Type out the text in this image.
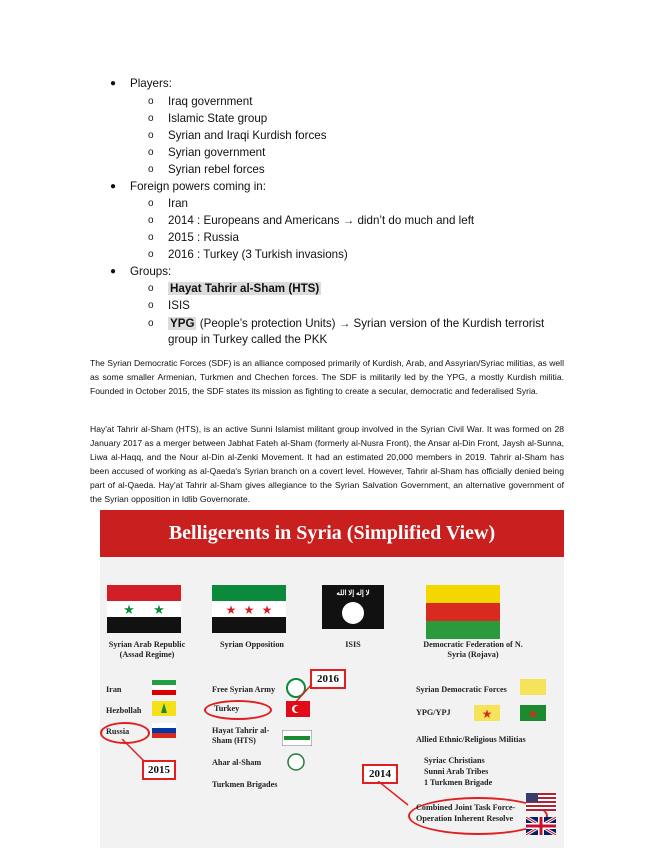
● Players:
o Iraq government
o Islamic State group
o Syrian and Iraqi Kurdish forces
o Syrian government
o Syrian rebel forces
● Foreign powers coming in:
o Iran
o 2014 : Europeans and Americans → didn’t do much and left
o 2015 : Russia
o 2016 : Turkey (3 Turkish invasions)
● Groups:
o Hayat Tahrir al-Sham (HTS)
o ISIS
o YPG (People’s protection Units) → Syrian version of the Kurdish terrorist
group in Turkey called the PKK
The Syrian Democratic Forces (SDF) is an alliance composed primarily of Kurdish, Arab, and Assyrian/Syriac militias, as well as some smaller Armenian, Turkmen and Chechen forces. The SDF is militarily led by the YPG, a mostly Kurdish militia. Founded in October 2015, the SDF states its mission as fighting to create a secular, democratic and federalised Syria.
Hay'at Tahrir al-Sham (HTS), is an active Sunni Islamist militant group involved in the Syrian Civil War. It was formed on 28 January 2017 as a merger between Jabhat Fateh al-Sham (formerly al-Nusra Front), the Ansar al-Din Front, Jaysh al-Sunna, Liwa al-Haqq, and the Nour al-Din al-Zenki Movement. It had an estimated 20,000 members in 2019. Tahrir al-Sham has been accused of working as al-Qaeda's Syrian branch on a covert level. However, Tahrir al-Sham has officially denied being part of al-Qaeda. Hay'at Tahrir al-Sham gives allegiance to the Syrian Salvation Government, an alternative government of the Syrian opposition in Idlib Governorate.
Belligerents in Syria (Simplified View)
★ ★
Syrian Arab Republic (Assad Regime)
★ ★ ★
Syrian Opposition
لا إله إلا الله
ISIS	Democratic Federation of N. Syria (Rojava)
Iran
Hezbollah
Russia
2015
Free Syrian Army
2016
Turkey
Hayat Tahrir al-Sham (HTS)
Ahar al-Sham
Turkmen Brigades
Syrian Democratic Forces
YPG/YPJ	★	★
Allied Ethnic/Religious Militias
Syriac Christians
Sunni Arab Tribes
1 Turkmen Brigade
2014
Combined Joint Task Force-
Operation Inherent Resolve
